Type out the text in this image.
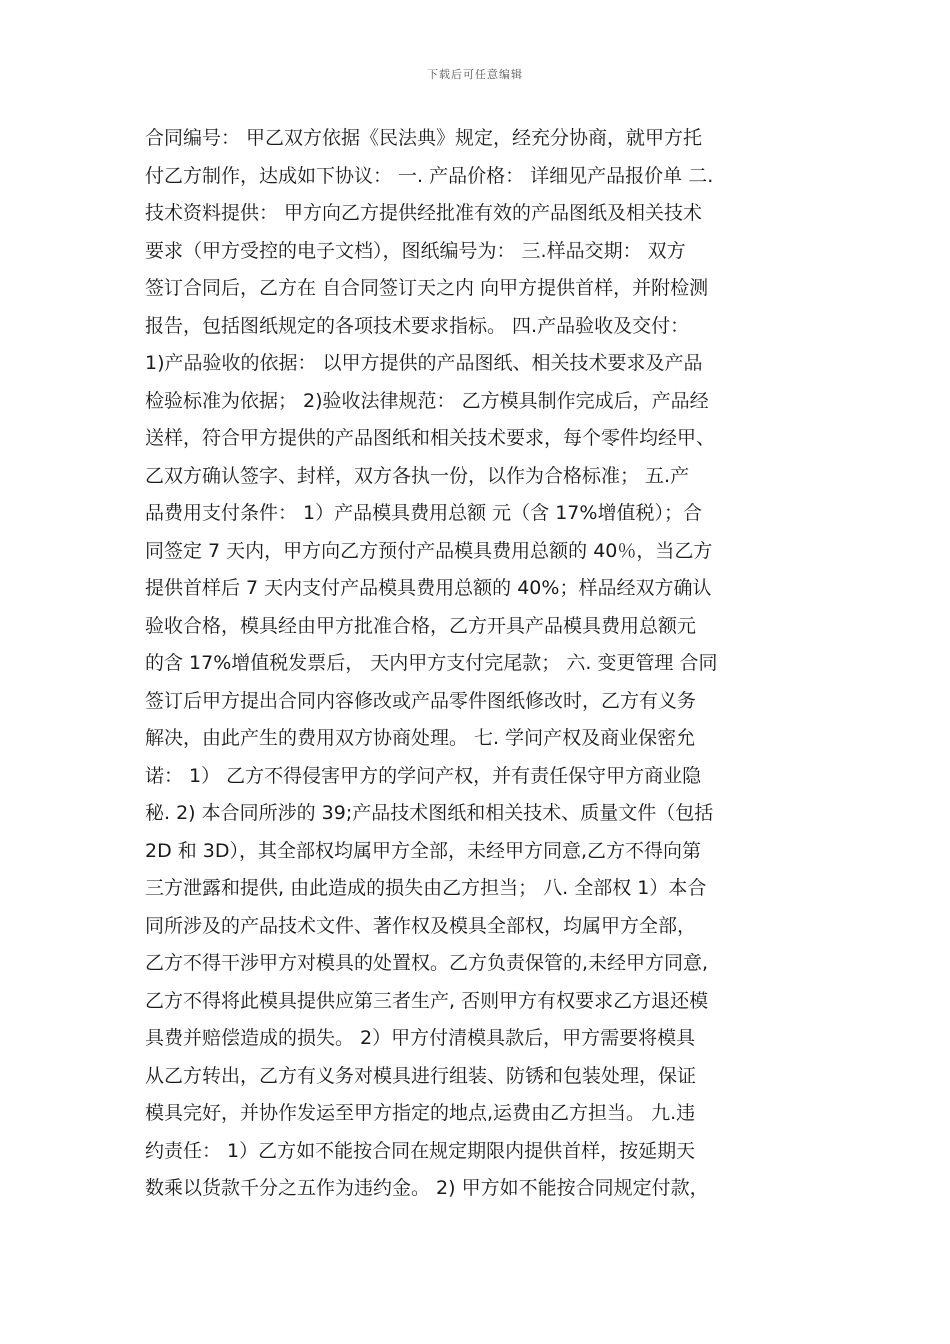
下载后可任意编辑
合同编号： 甲乙双方依据《民法典》规定，经充分协商，就甲方托
付乙方制作，达成如下协议： 一. 产品价格： 详细见产品报价单 二.
技术资料提供： 甲方向乙方提供经批准有效的产品图纸及相关技术
要求（甲方受控的电子文档），图纸编号为： 三.样品交期： 双方
签订合同后，乙方在 自合同签订天之内 向甲方提供首样，并附检测
报告，包括图纸规定的各项技术要求指标。 四.产品验收及交付：
1)产品验收的依据： 以甲方提供的产品图纸、相关技术要求及产品
检验标准为依据； 2)验收法律规范： 乙方模具制作完成后，产品经
送样，符合甲方提供的产品图纸和相关技术要求，每个零件均经甲、
乙双方确认签字、封样，双方各执一份，以作为合格标准； 五.产
品费用支付条件： 1）产品模具费用总额 元（含 17%增值税）；合
同签定 7 天内，甲方向乙方预付产品模具费用总额的 40％，当乙方
提供首样后 7 天内支付产品模具费用总额的 40%；样品经双方确认
验收合格，模具经由甲方批准合格，乙方开具产品模具费用总额元
的含 17%增值税发票后， 天内甲方支付完尾款； 六. 变更管理 合同
签订后甲方提出合同内容修改或产品零件图纸修改时，乙方有义务
解决，由此产生的费用双方协商处理。 七. 学问产权及商业保密允
诺： 1） 乙方不得侵害甲方的学问产权，并有责任保守甲方商业隐
秘. 2) 本合同所涉的 39;产品技术图纸和相关技术、质量文件（包括
2D 和 3D），其全部权均属甲方全部，未经甲方同意,乙方不得向第
三方泄露和提供, 由此造成的损失由乙方担当； 八. 全部权 1）本合
同所涉及的产品技术文件、著作权及模具全部权，均属甲方全部，
乙方不得干涉甲方对模具的处置权。乙方负责保管的,未经甲方同意,
乙方不得将此模具提供应第三者生产, 否则甲方有权要求乙方退还模
具费并赔偿造成的损失。 2）甲方付清模具款后，甲方需要将模具
从乙方转出，乙方有义务对模具进行组装、防锈和包装处理，保证
模具完好，并协作发运至甲方指定的地点,运费由乙方担当。 九.违
约责任： 1）乙方如不能按合同在规定期限内提供首样，按延期天
数乘以货款千分之五作为违约金。 2) 甲方如不能按合同规定付款，
